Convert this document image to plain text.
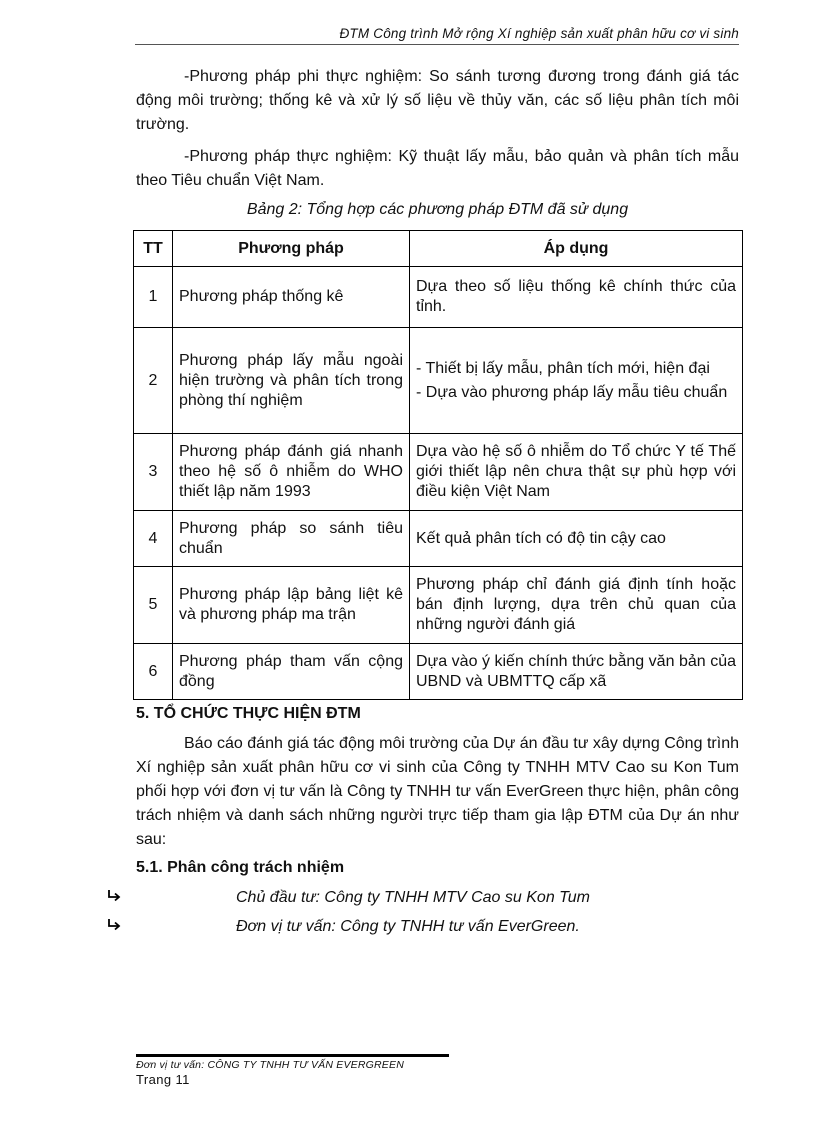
ĐTM Công trình Mở rộng Xí nghiệp sản xuất phân hữu cơ vi sinh

-Phương pháp phi thực nghiệm: So sánh tương đương trong đánh giá tác động môi trường; thống kê và xử lý số liệu về thủy văn, các số liệu phân tích môi trường.

-Phương pháp thực nghiệm: Kỹ thuật lấy mẫu, bảo quản và phân tích mẫu theo Tiêu chuẩn Việt Nam.

Bảng 2: Tổng hợp các phương pháp ĐTM đã sử dụng

TT	Phương pháp	Áp dụng
1	Phương pháp thống kê	Dựa theo số liệu thống kê chính thức của tỉnh.

2	Phương pháp lấy mẫu ngoài hiện trường và phân tích trong phòng thí nghiệm	- Thiết bị lấy mẫu, phân tích mới, hiện đại
- Dựa vào phương pháp lấy mẫu tiêu chuẩn

3	Phương pháp đánh giá nhanh theo hệ số ô nhiễm do WHO thiết lập năm 1993	Dựa vào hệ số ô nhiễm do Tổ chức Y tế Thế giới thiết lập nên chưa thật sự phù hợp với điều kiện Việt Nam

4	Phương pháp so sánh tiêu chuẩn	Kết quả phân tích có độ tin cậy cao

5	Phương pháp lập bảng liệt kê và phương pháp ma trận	Phương pháp chỉ đánh giá định tính hoặc bán định lượng, dựa trên chủ quan của những người đánh giá

6	Phương pháp tham vấn cộng đồng	Dựa vào ý kiến chính thức bằng văn bản của UBND và UBMTTQ cấp xã
5. TỔ CHỨC THỰC HIỆN ĐTM

Báo cáo đánh giá tác động môi trường của Dự án đầu tư xây dựng Công trình Xí nghiệp sản xuất phân hữu cơ vi sinh của Công ty TNHH MTV Cao su Kon Tum phối hợp với đơn vị tư vấn là Công ty TNHH tư vấn EverGreen thực hiện, phân công trách nhiệm và danh sách những người trực tiếp tham gia lập ĐTM của Dự án như sau:

5.1. Phân công trách nhiệm
Chủ đầu tư: Công ty TNHH MTV Cao su Kon Tum
Đơn vị tư vấn: Công ty TNHH tư vấn EverGreen.
Đơn vị tư vấn: CÔNG TY TNHH TƯ VẤN EVERGREEN
Trang 11
